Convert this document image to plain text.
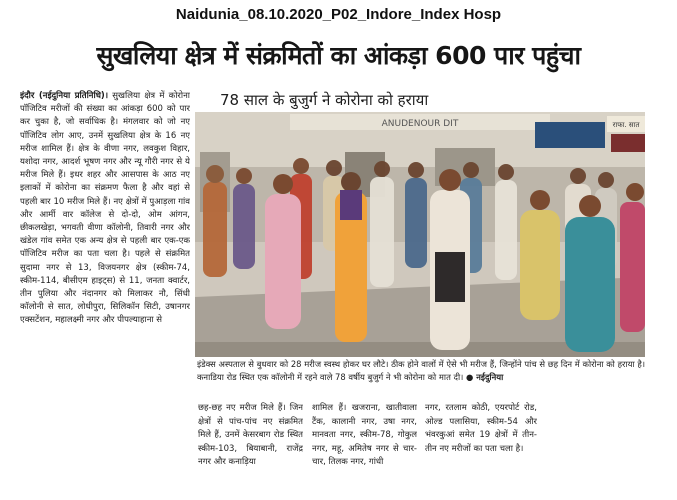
Naidunia_08.10.2020_P02_Indore_Index Hosp
सुखलिया क्षेत्र में संक्रमितों का आंकड़ा 600 पार पहुंचा
78 साल के बुजुर्ग ने कोरोना को हराया
इंदौर (नईदुनिया प्रतिनिधि)। सुखलिया क्षेत्र में कोरोना पॉजिटिव मरीजों की संख्या का आंकड़ा 600 को पार कर चुका है, जो सर्वाधिक है। मंगलवार को जो नए पॉजिटिव लोग आए, उनमें सुखलिया क्षेत्र के 16 नए मरीज शामिल हैं। क्षेत्र के वीणा नगर, लवकुश विहार, यशोदा नगर, आदर्श भूषण नगर और न्यू गौरी नगर से ये मरीज मिले हैं। इधर शहर और आसपास के आठ नए इलाकों में कोरोना का संक्रमण फैला है और वहां से पहली बार 10 मरीज मिले हैं। नए क्षेत्रों में पुआड़ला गांव और आर्मी वार कॉलेज से दो-दो, ओम आंगन, छीकलखेड़ा, भगवती वीणा कॉलोनी, तिवारी नगर और खंडेल गांव समेत एक अन्य क्षेत्र से पहली बार एक-एक पॉजिटिव मरीज का पता चला है। पहले से संक्रमित सुदामा नगर से 13, विजयनगर क्षेत्र (स्कीम-74, स्कीम-114, बीसीएम हाइट्स) से 11, जनता क्वार्टर, तीन पुलिया और नंदानगर को मिलाकर नौ, सिंधी कॉलोनी से सात, लोधीपुरा, सिलिकॉन सिटी, उषानगर एक्सटेंशन, महालक्ष्मी नगर और पीपल्याहाना से
ANUDENOUR DIT	राफा. सात
इंडेक्स अस्पताल से बुधवार को 28 मरीज स्वस्थ होकर घर लौटे। ठीक होने वालों में ऐसे भी मरीज हैं, जिन्होंने पांच से छह दिन में कोरोना को हराया है। कनाडिया रोड स्थित एक कॉलोनी में रहने वाले 78 वर्षीय बुजुर्ग ने भी कोरोना को मात दी। ● नईदुनिया
छह-छह नए मरीज मिले हैं। जिन क्षेत्रों से पांच-पांच नए संक्रमित मिले हैं, उनमें केसरबाग रोड स्थित स्कीम-103, बियाबानी, राजेंद्र नगर और कनाड़िया
शामिल हैं। खजराना, खातीवाला टैंक, कालानी नगर, उषा नगर, मानवता नगर, स्कीम-78, गोकुल नगर, महू, अमितेष नगर से चार-चार, तिलक नगर, गांधी
नगर, रतलाम कोठी, एयरपोर्ट रोड, ओल्ड पलासिया, स्कीम-54 और भंवरकुआं समेत 19 क्षेत्रों में तीन-तीन नए मरीजों का पता चला है।
